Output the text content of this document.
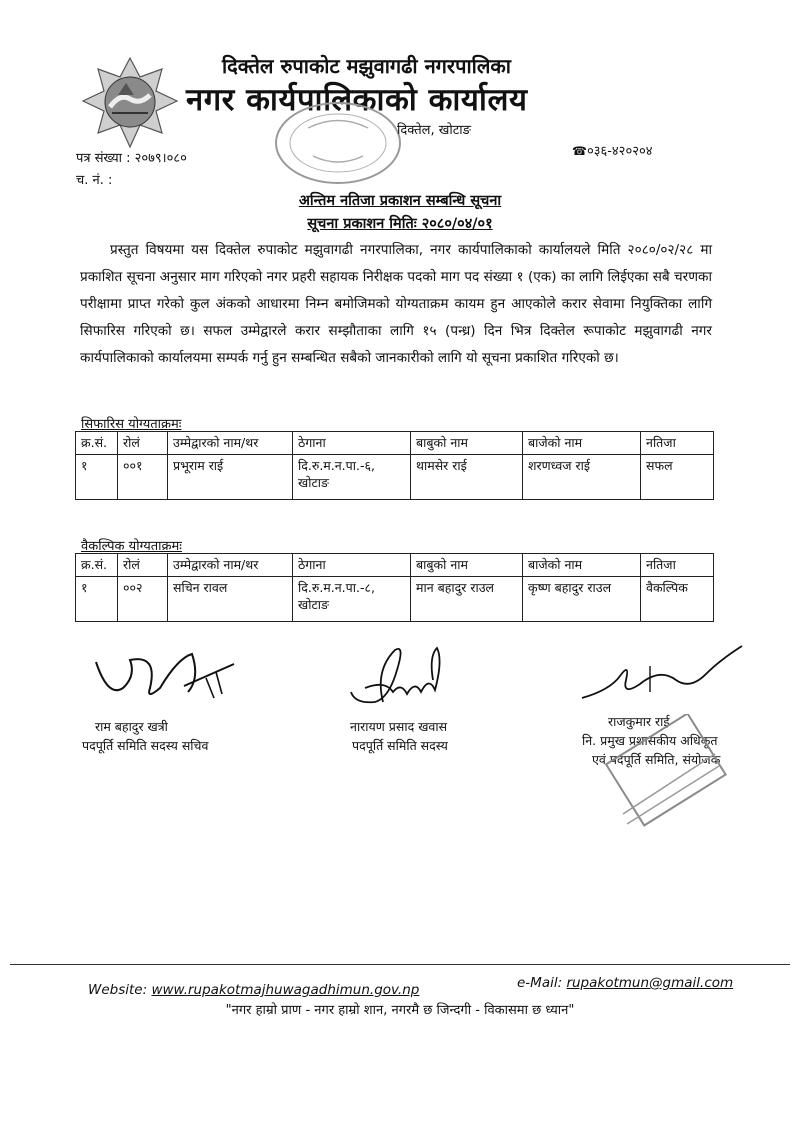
दिक्तेल रुपाकोट मझुवागढी नगरपालिका
नगर कार्यपालिकाको कार्यालय
दिक्तेल, खोटाङ
☎०३६-४२०२०४
पत्र संख्या : २०७९।०८०
च. नं. :
अन्तिम नतिजा प्रकाशन सम्बन्धि सूचना
सूचना प्रकाशन मितिः २०८०/०४/०१
प्रस्तुत विषयमा यस दिक्तेल रुपाकोट मझुवागढी नगरपालिका, नगर कार्यपालिकाको कार्यालयले मिति २०८०/०२/२८ मा प्रकाशित सूचना अनुसार माग गरिएको नगर प्रहरी सहायक निरीक्षक पदको माग पद संख्या १ (एक) का लागि लिईएका सबै चरणका परीक्षामा प्राप्त गरेको कुल अंकको आधारमा निम्न बमोजिमको योग्यताक्रम कायम हुन आएकोले करार सेवामा नियुक्तिका लागि सिफारिस गरिएको छ। सफल उम्मेद्वारले करार सम्झौताका लागि १५ (पन्ध्र) दिन भित्र दिक्तेल रूपाकोट मझुवागढी नगर कार्यपालिकाको कार्यालयमा सम्पर्क गर्नु हुन सम्बन्धित सबैको जानकारीको लागि यो सूचना प्रकाशित गरिएको छ।
सिफारिस योग्यताक्रमः
क्र.सं.	रोलं	उम्मेद्वारको नाम/थर	ठेगाना	बाबुको नाम	बाजेको नाम	नतिजा
१	००१	प्रभूराम राई	दि.रु.म.न.पा.-६, खोटाङ	थामसेर राई	शरणध्वज राई	सफल
वैकल्पिक योग्यताक्रमः
क्र.सं.	रोलं	उम्मेद्वारको नाम/थर	ठेगाना	बाबुको नाम	बाजेको नाम	नतिजा
१	००२	सचिन रावल	दि.रु.म.न.पा.-८, खोटाङ	मान बहादुर राउल	कृष्ण बहादुर राउल	वैकल्पिक
राम बहादुर खत्री
पदपूर्ति समिति सदस्य सचिव
नारायण प्रसाद खवास
पदपूर्ति समिति सदस्य
राजकुमार राई
नि. प्रमुख प्रशासकीय अधिकृत
एवं पदपूर्ति समिति, संयोजक
e-Mail: rupakotmun@gmail.com
Website: www.rupakotmajhuwagadhimun.gov.np
"नगर हाम्रो प्राण - नगर हाम्रो शान, नगरमै छ जिन्दगी - विकासमा छ ध्यान"
